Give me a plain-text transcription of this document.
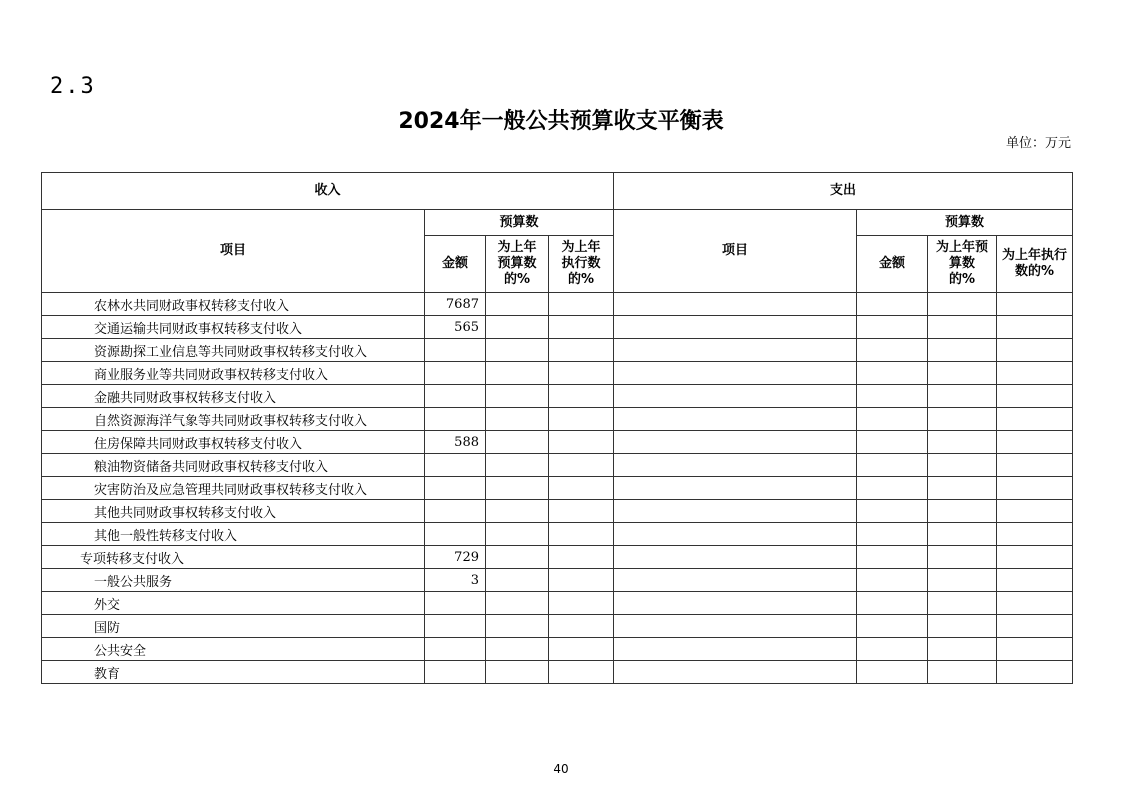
2.3
2024年一般公共预算收支平衡表
单位：万元
收入				支出			
项目	预算数			项目	预算数		
	金额	为上年预算数的%	为上年执行数的%		金额	为上年预算数的%	为上年执行数的%
农林水共同财政事权转移支付收入	7687						
交通运输共同财政事权转移支付收入	565						
资源勘探工业信息等共同财政事权转移支付收入							
商业服务业等共同财政事权转移支付收入							
金融共同财政事权转移支付收入							
自然资源海洋气象等共同财政事权转移支付收入							
住房保障共同财政事权转移支付收入	588						
粮油物资储备共同财政事权转移支付收入							
灾害防治及应急管理共同财政事权转移支付收入							
其他共同财政事权转移支付收入							
其他一般性转移支付收入							
专项转移支付收入	729						
一般公共服务	3						
外交							
国防							
公共安全							
教育							
40
